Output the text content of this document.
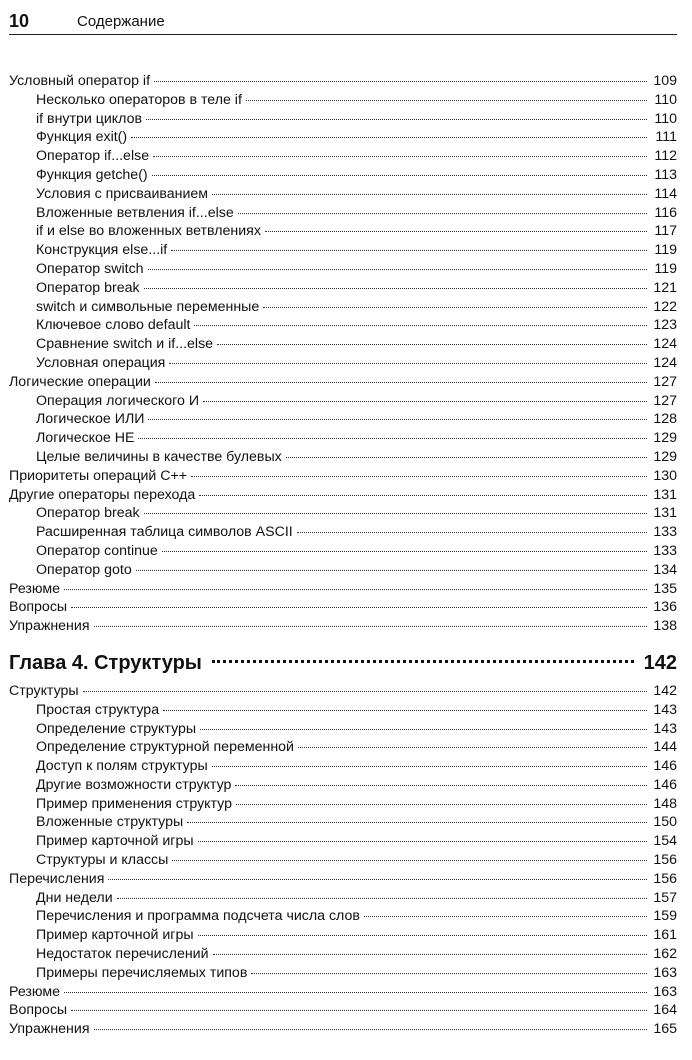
10	Содержание
Условный оператор if	109
Несколько операторов в теле if	110
if внутри циклов	110
Функция exit()	111
Оператор if...else	112
Функция getche()	113
Условия с присваиванием	114
Вложенные ветвления if...else	116
if и else во вложенных ветвлениях	117
Конструкция else...if	119
Оператор switch	119
Оператор break	121
switch и символьные переменные	122
Ключевое слово default	123
Сравнение switch и if...else	124
Условная операция	124
Логические операции	127
Операция логического И	127
Логическое ИЛИ	128
Логическое НЕ	129
Целые величины в качестве булевых	129
Приоритеты операций C++	130
Другие операторы перехода	131
Оператор break	131
Расширенная таблица символов ASCII	133
Оператор continue	133
Оператор goto	134
Резюме	135
Вопросы	136
Упражнения	138
Глава 4. Структуры	142
Структуры	142
Простая структура	143
Определение структуры	143
Определение структурной переменной	144
Доступ к полям структуры	146
Другие возможности структур	146
Пример применения структур	148
Вложенные структуры	150
Пример карточной игры	154
Структуры и классы	156
Перечисления	156
Дни недели	157
Перечисления и программа подсчета числа слов	159
Пример карточной игры	161
Недостаток перечислений	162
Примеры перечисляемых типов	163
Резюме	163
Вопросы	164
Упражнения	165
